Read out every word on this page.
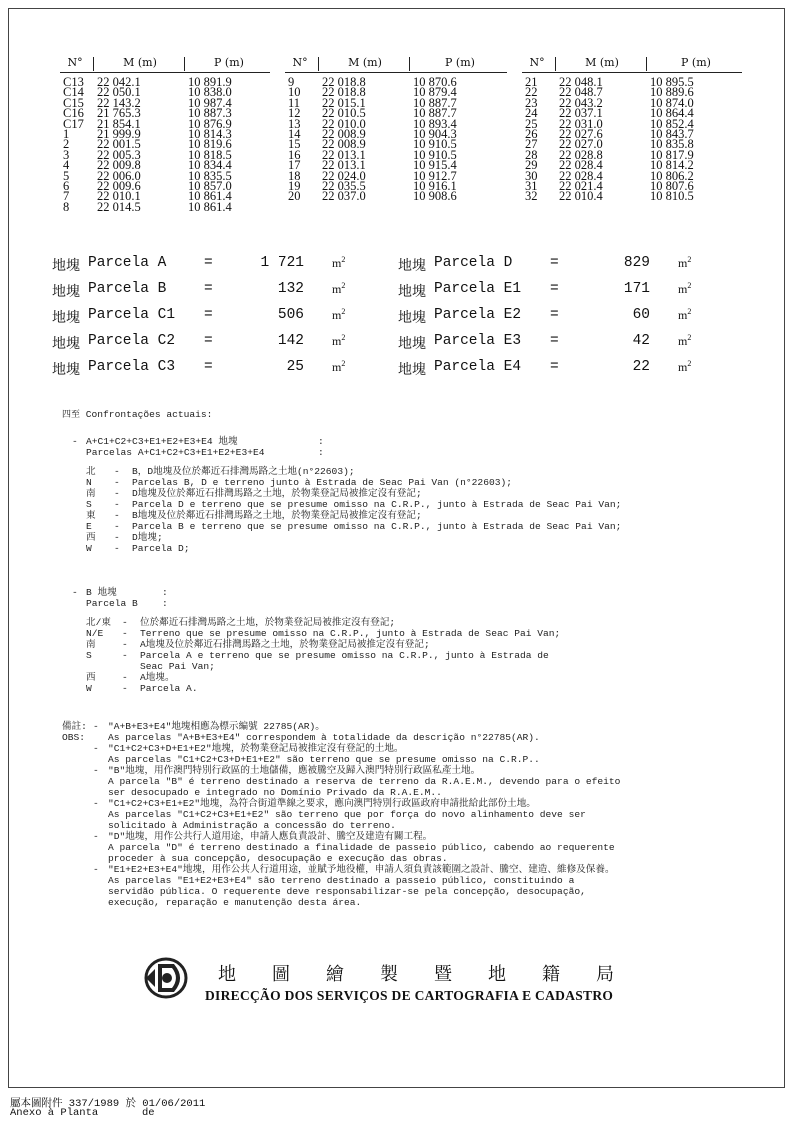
N°	M (m)	P (m)
C13 22 042.1	10 891.9
C14 22 050.1	10 838.0
C15 22 143.2	10 987.4
C16 21 765.3	10 887.3
C17 21 854.1	10 876.9
1 21 999.9	10 814.3
2 22 001.5	10 819.6
3 22 005.3	10 818.5
4 22 009.8	10 834.4
5 22 006.0	10 835.5
6 22 009.6	10 857.0
7 22 010.1	10 861.4
8 22 014.5	10 861.4
N°	M (m)	P (m)
9 22 018.8	10 870.6
10 22 018.8	10 879.4
11 22 015.1	10 887.7
12 22 010.5	10 887.7
13 22 010.0	10 893.4
14 22 008.9	10 904.3
15 22 008.9	10 910.5
16 22 013.1	10 910.5
17 22 013.1	10 915.4
18 22 024.0	10 912.7
19 22 035.5	10 916.1
20 22 037.0	10 908.6
N°	M (m)	P (m)
21 22 048.1	10 895.5
22 22 048.7	10 889.6
23 22 043.2	10 874.0
24 22 037.1	10 864.4
25 22 031.0	10 852.4
26 22 027.6	10 843.7
27 22 027.0	10 835.8
28 22 028.8	10 817.9
29 22 028.4	10 814.2
30 22 028.4	10 806.2
31 22 021.4	10 807.6
32 22 010.4	10 810.5
地塊 Parcela A	=	1 721 $m^2$
地塊 Parcela B	=	132 $m^2$
地塊 Parcela C1 =	506 $m^2$
地塊 Parcela C2 =	142 $m^2$
地塊 Parcela C3 =	25 $m^2$
地塊 Parcela D	=	829 $m^2$
地塊 Parcela E1 =	171 $m^2$
地塊 Parcela E2 =	60 $m^2$
地塊 Parcela E3 =	42 $m^2$
地塊 Parcela E4 =	22 $m^2$
四至 Confrontações actuais:
- A+C1+C2+C3+E1+E2+E3+E4 地塊	:
Parcelas A+C1+C2+C3+E1+E2+E3+E4	:
北 - B，D地塊及位於鄰近石排灣馬路之土地(n°22603);
N - Parcelas B, D e terreno junto à Estrada de Seac Pai Van (n°22603);
南 - D地塊及位於鄰近石排灣馬路之土地，於物業登記局被推定沒有登記;
S - Parcela D e terreno que se presume omisso na C.R.P., junto à Estrada de Seac Pai Van;
東 - B地塊及位於鄰近石排灣馬路之土地，於物業登記局被推定沒有登記;
E - Parcela B e terreno que se presume omisso na C.R.P., junto à Estrada de Seac Pai Van;
西 - D地塊;
W - Parcela D;
- B 地塊	:
Parcela B	:
北/東 - 位於鄰近石排灣馬路之土地，於物業登記局被推定沒有登記;
N/E - Terreno que se presume omisso na C.R.P., junto à Estrada de Seac Pai Van;
南	- A地塊及位於鄰近石排灣馬路之土地，於物業登記局被推定沒有登記;
S	- Parcela A e terreno que se presume omisso na C.R.P., junto à Estrada de
Seac Pai Van;
西	- A地塊。
W	- Parcela A.
備註:
OBS:
- "A+B+E3+E4"地塊相應為標示編號 22785(AR)。
As parcelas "A+B+E3+E4" correspondem à totalidade da descrição n°22785(AR).
- "C1+C2+C3+D+E1+E2"地塊，於物業登記局被推定沒有登記的土地。
As parcelas "C1+C2+C3+D+E1+E2" são terreno que se presume omisso na C.R.P..
- "B"地塊，用作澳門特別行政區的土地儲備，應被騰空及歸入澳門特別行政區私產土地。
A parcela "B" é terreno destinado a reserva de terreno da R.A.E.M., devendo para o efeito
ser desocupado e integrado no Domínio Privado da R.A.E.M..
- "C1+C2+C3+E1+E2"地塊，為符合街道準線之要求，應向澳門特別行政區政府申請批給此部份土地。
As parcelas "C1+C2+C3+E1+E2" são terreno que por força do novo alinhamento deve ser
solicitado à Administração a concessão do terreno.
- "D"地塊，用作公共行人道用途，申請人應負責設計、騰空及建造有關工程。
A parcela "D" é terreno destinado a finalidade de passeio público, cabendo ao requerente
proceder à sua concepção, desocupação e execução das obras.
- "E1+E2+E3+E4"地塊，用作公共人行道用途，並賦予地役權，申請人須負責該範圍之設計、騰空、建造、維修及保養。
As parcelas "E1+E2+E3+E4" são terreno destinado a passeio público, constituindo a
servidão pública. O requerente deve responsabilizar-se pela concepção, desocupação,
execução, reparação e manutenção desta área.
地 圖 繪 製 暨 地 籍 局
DIRECÇÃO DOS SERVIÇOS DE CARTOGRAFIA E CADASTRO
屬本圖附件 337/1989 於 01/06/2011
Anexo à Planta	de
